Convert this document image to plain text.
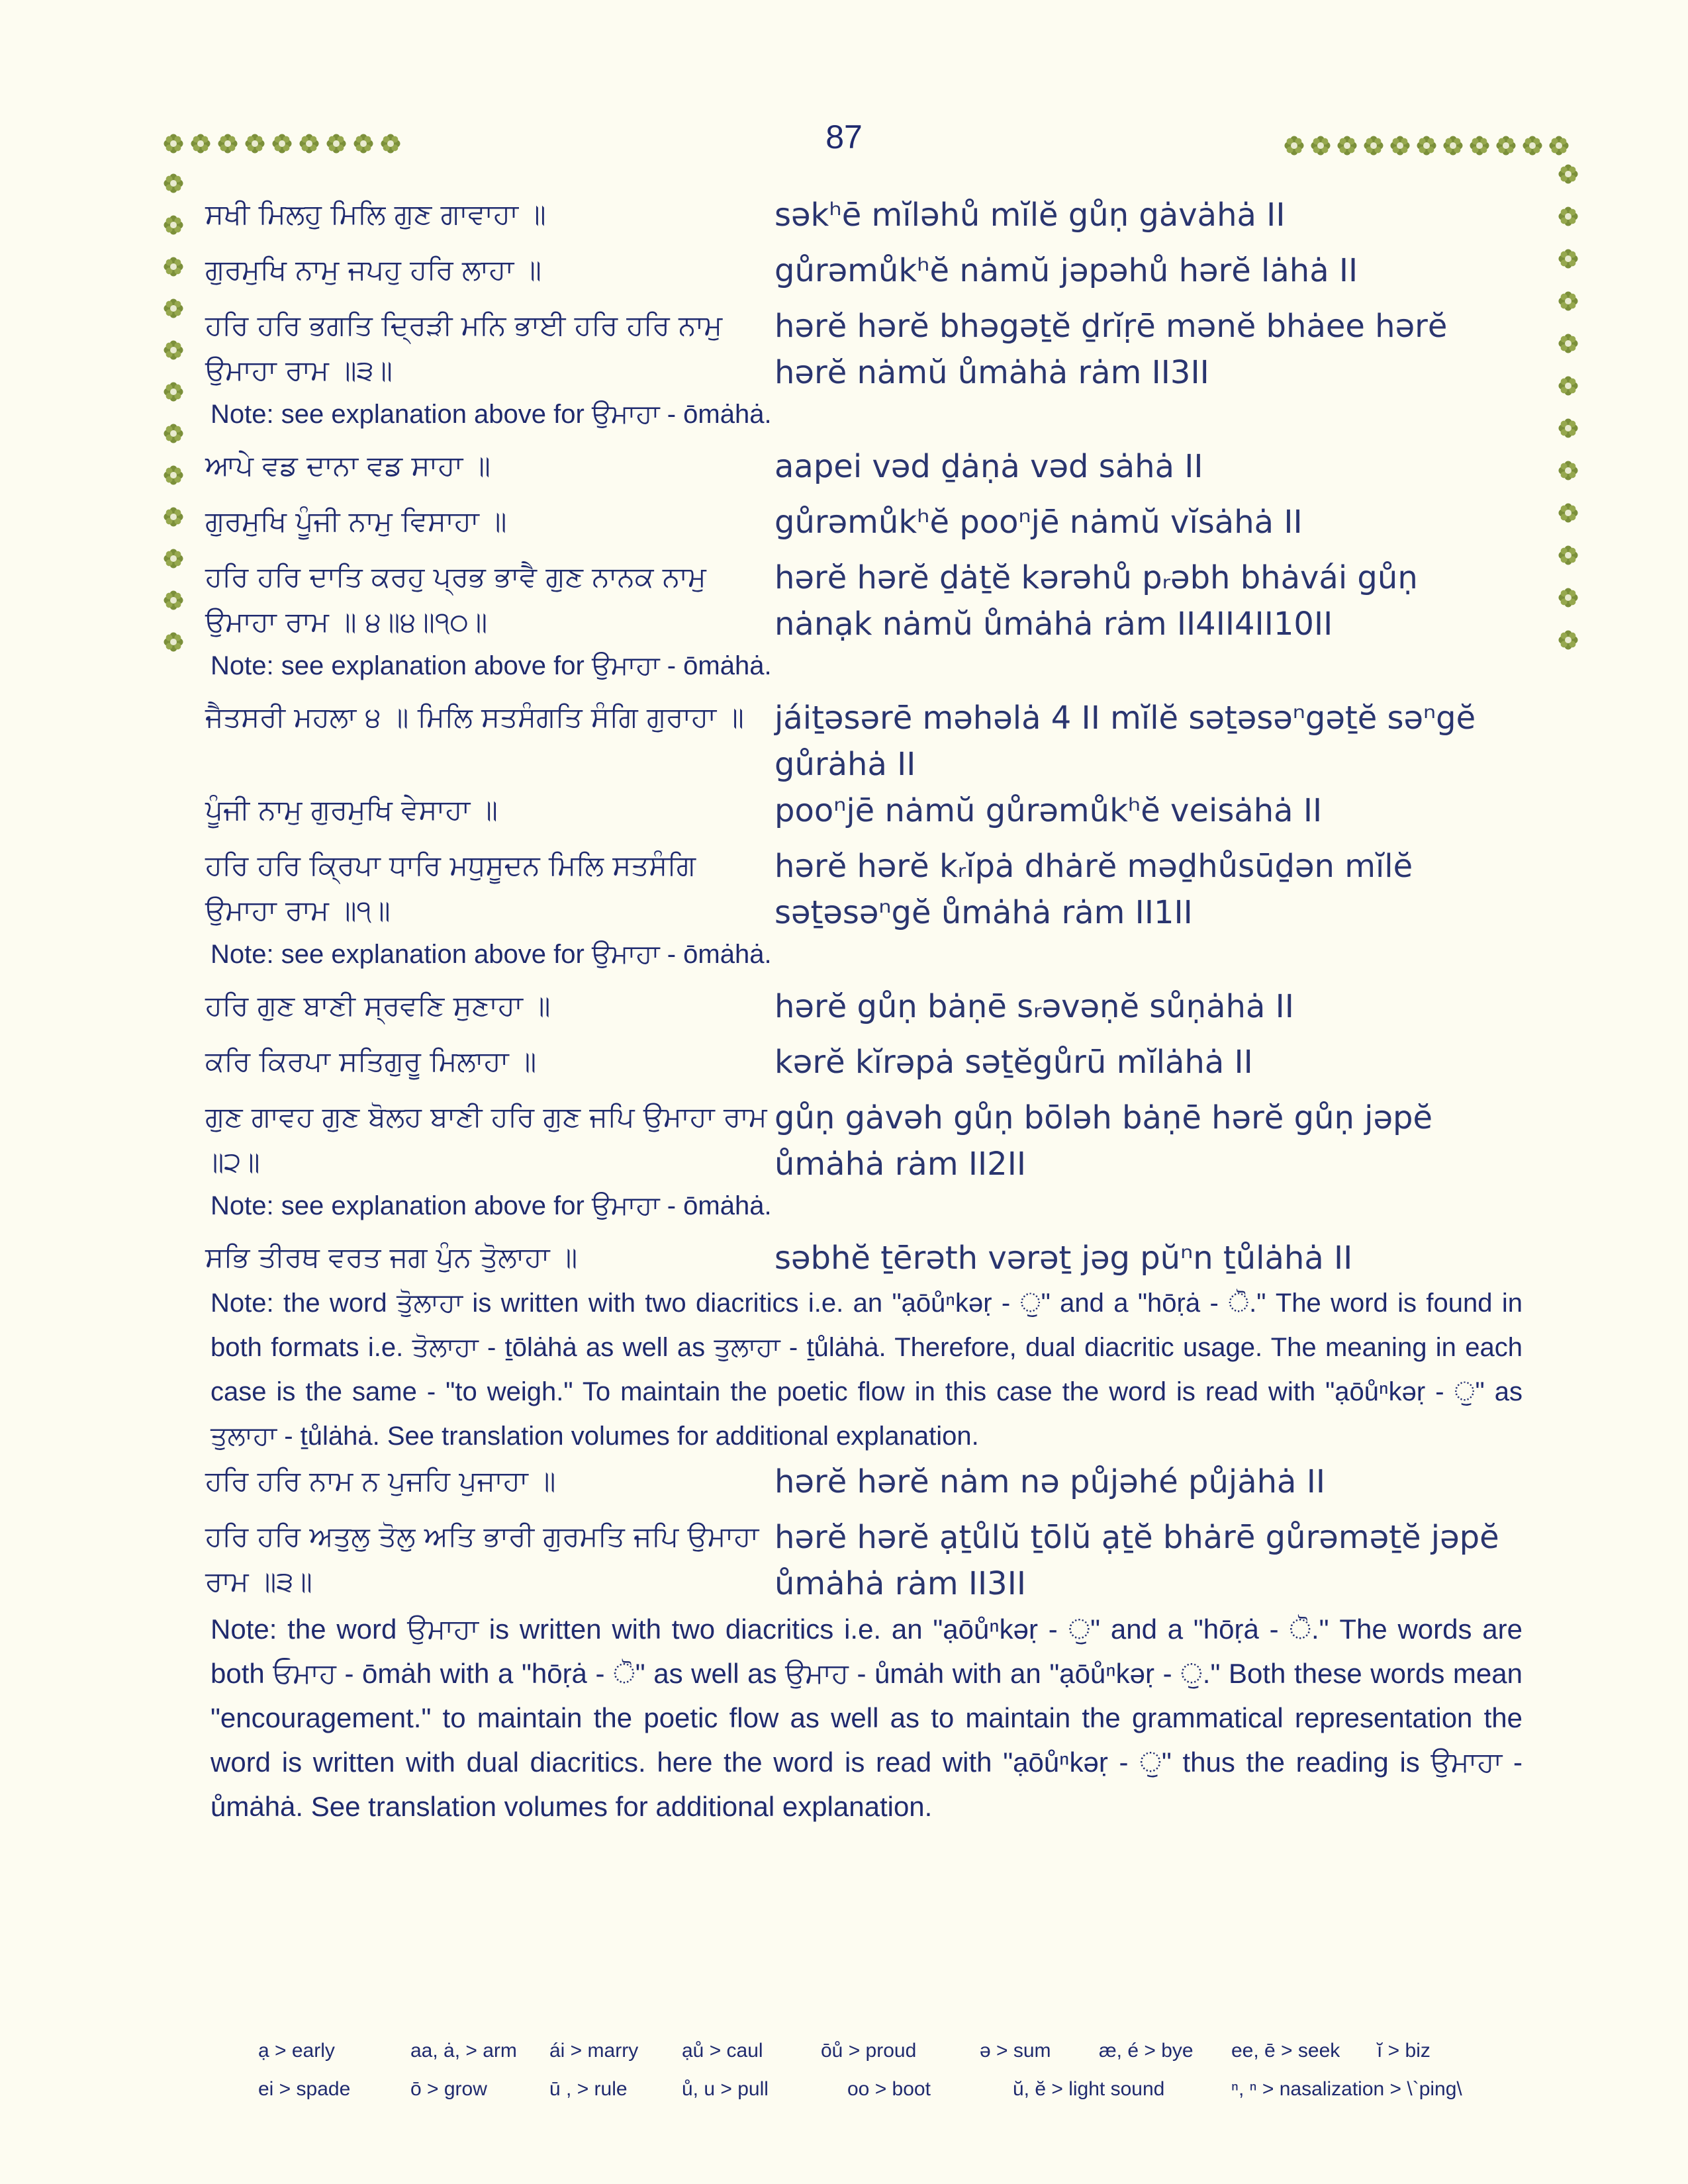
87
ਸਖੀ ਮਿਲਹੁ ਮਿਲਿ ਗੁਣ ਗਾਵਾਹਾ ॥	səkʰē mĭləhů mĭlĕ gůṇ gȧvȧhȧ II
ਗੁਰਮੁਖਿ ਨਾਮੁ ਜਪਹੁ ਹਰਿ ਲਾਹਾ ॥	gůrəmůkʰĕ nȧmŭ jəpəhů hərĕ lȧhȧ II
ਹਰਿ ਹਰਿ ਭਗਤਿ ਦ੍ਰਿੜੀ ਮਨਿ ਭਾਈ ਹਰਿ ਹਰਿ ਨਾਮੁ ਉਮਾਹਾ ਰਾਮ ॥੩॥
hərĕ hərĕ bhəgəṯĕ ḏrĭṛē mənĕ bhȧee hərĕ hərĕ nȧmŭ ůmȧhȧ rȧm II3II
Note: see explanation above for ਉਮਾਹਾ - ōmȧhȧ.
ਆਪੇ ਵਡ ਦਾਨਾ ਵਡ ਸਾਹਾ ॥	aapei vəd ḏȧṇȧ vəd sȧhȧ II
ਗੁਰਮੁਖਿ ਪੂੰਜੀ ਨਾਮੁ ਵਿਸਾਹਾ ॥	gůrəmůkʰĕ pooⁿjē nȧmŭ vĭsȧhȧ II
ਹਰਿ ਹਰਿ ਦਾਤਿ ਕਰਹੁ ਪ੍ਰਭ ਭਾਵੈ ਗੁਣ ਨਾਨਕ ਨਾਮੁ ਉਮਾਹਾ ਰਾਮ ॥ ੪॥੪॥੧੦॥
hərĕ hərĕ ḏȧṯĕ kərəhů pᵣəbh bhȧvái gůṇ nȧnạk nȧmŭ ůmȧhȧ rȧm II4II4II10II
Note: see explanation above for ਉਮਾਹਾ - ōmȧhȧ.
ਜੈਤਸਰੀ ਮਹਲਾ ੪ ॥ ਮਿਲਿ ਸਤਸੰਗਤਿ ਸੰਗਿ ਗੁਰਾਹਾ ॥ jáiṯəsərē məhəlȧ 4 II mĭlĕ səṯəsəⁿgəṯĕ səⁿgĕ gůrȧhȧ II
ਪੂੰਜੀ ਨਾਮੁ ਗੁਰਮੁਖਿ ਵੇਸਾਹਾ ॥	pooⁿjē nȧmŭ gůrəmůkʰĕ veisȧhȧ II
ਹਰਿ ਹਰਿ ਕ੍ਰਿਪਾ ਧਾਰਿ ਮਧੁਸੂਦਨ ਮਿਲਿ ਸਤਸੰਗਿ ਉਮਾਹਾ ਰਾਮ ॥੧॥
hərĕ hərĕ kᵣĭpȧ dhȧrĕ məḏhůsūḏən mĭlĕ səṯəsəⁿgĕ ůmȧhȧ rȧm II1II
Note: see explanation above for ਉਮਾਹਾ - ōmȧhȧ.
ਹਰਿ ਗੁਣ ਬਾਣੀ ਸ੍ਰਵਣਿ ਸੁਣਾਹਾ ॥	hərĕ gůṇ bȧṇē sᵣəvəṇĕ sůṇȧhȧ II
ਕਰਿ ਕਿਰਪਾ ਸਤਿਗੁਰੂ ਮਿਲਾਹਾ ॥	kərĕ kĭrəpȧ səṯĕgůrū mĭlȧhȧ II
ਗੁਣ ਗਾਵਹ ਗੁਣ ਬੋਲਹ ਬਾਣੀ ਹਰਿ ਗੁਣ ਜਪਿ ਉਮਾਹਾ ਰਾਮ ॥੨॥
gůṇ gȧvəh gůṇ bōləh bȧṇē hərĕ gůṇ jəpĕ ůmȧhȧ rȧm II2II
Note: see explanation above for ਉਮਾਹਾ - ōmȧhȧ.
ਸਭਿ ਤੀਰਥ ਵਰਤ ਜਗ ਪੁੰਨ ਤੁੋਲਾਹਾ ॥	səbhĕ ṯērəth vərəṯ jəg pŭⁿn ṯůlȧhȧ II
Note: the word ਤੁੋਲਾਹਾ is written with two diacritics i.e. an "ạōůⁿkəṛ - ੁ" and a "hōṛȧ - ੋ." The word is found in both formats i.e. ਤੋਲਾਹਾ - ṯōlȧhȧ as well as ਤੁਲਾਹਾ - ṯůlȧhȧ. Therefore, dual diacritic usage. The meaning in each case is the same - "to weigh." To maintain the poetic flow in this case the word is read with "ạōůⁿkəṛ - ੁ" as ਤੁਲਾਹਾ - ṯůlȧhȧ. See translation volumes for additional explanation.
ਹਰਿ ਹਰਿ ਨਾਮ ਨ ਪੁਜਹਿ ਪੁਜਾਹਾ ॥	hərĕ hərĕ nȧm nə půjəhé půjȧhȧ II
ਹਰਿ ਹਰਿ ਅਤੁਲੁ ਤੋਲੁ ਅਤਿ ਭਾਰੀ ਗੁਰਮਤਿ ਜਪਿ ਉਮਾਹਾ ਰਾਮ ॥੩॥
hərĕ hərĕ ạṯůlŭ ṯōlŭ ạṯĕ bhȧrē gůrəməṯĕ jəpĕ ůmȧhȧ rȧm II3II
Note: the word ਉਮਾਹਾ is written with two diacritics i.e. an "ạōůⁿkəṛ - ੁ" and a "hōṛȧ - ੋ." The words are both ਓਮਾਹ - ōmȧh with a "hōṛȧ - ੋ" as well as ਉਮਾਹ - ůmȧh with an "ạōůⁿkəṛ - ੁ." Both these words mean "encouragement." to maintain the poetic flow as well as to maintain the grammatical representation the word is written with dual diacritics. here the word is read with "ạōůⁿkəṛ - ੁ" thus the reading is ਉਮਾਹਾ - ůmȧhȧ. See translation volumes for additional explanation.
ạ > early	aa, ȧ, > arm	ái > marry	ạů > caul	ōů > proud	ə > sum	æ, é > bye	ee, ē > seek	ĭ > biz
ei > spade	ō > grow	ū , > rule	ů, u > pull	oo > boot	ŭ, ĕ > light sound	ⁿ, ⁿ > nasalization > \`ping\
